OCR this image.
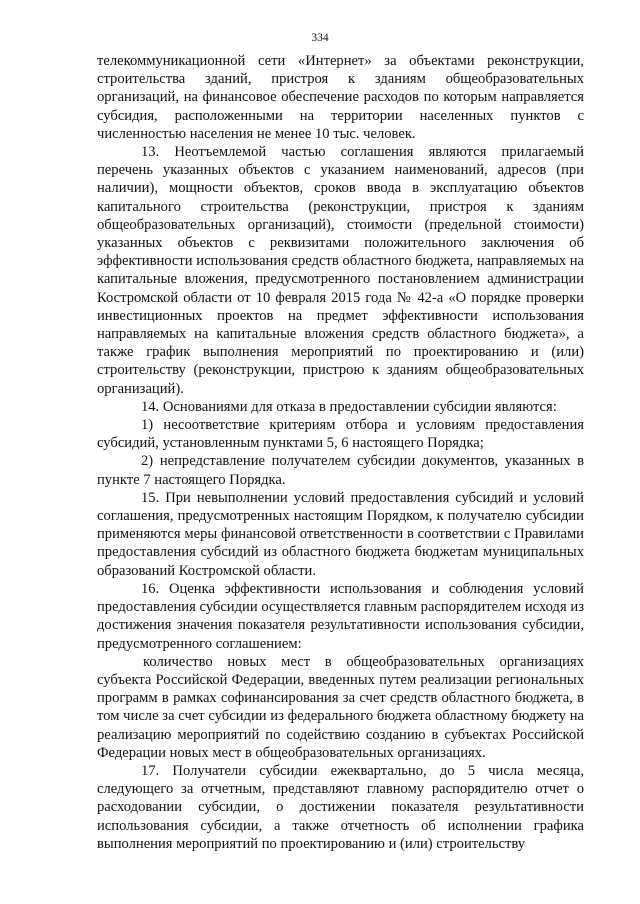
334

телекоммуникационной сети «Интернет» за объектами реконструкции, строительства зданий, пристроя к зданиям общеобразовательных организаций, на финансовое обеспечение расходов по которым направляется субсидия, расположенными на территории населенных пунктов с численностью населения не менее 10 тыс. человек.

13. Неотъемлемой частью соглашения являются прилагаемый перечень указанных объектов с указанием наименований, адресов (при наличии), мощности объектов, сроков ввода в эксплуатацию объектов капитального строительства (реконструкции, пристроя к зданиям общеобразовательных организаций), стоимости (предельной стоимости) указанных объектов с реквизитами положительного заключения об эффективности использования средств областного бюджета, направляемых на капитальные вложения, предусмотренного постановлением администрации Костромской области от 10 февраля 2015 года № 42-а «О порядке проверки инвестиционных проектов на предмет эффективности использования направляемых на капитальные вложения средств областного бюджета», а также график выполнения мероприятий по проектированию и (или) строительству (реконструкции, пристрою к зданиям общеобразовательных организаций).

14. Основаниями для отказа в предоставлении субсидии являются:

1) несоответствие критериям отбора и условиям предоставления субсидий, установленным пунктами 5, 6 настоящего Порядка;

2) непредставление получателем субсидии документов, указанных в пункте 7 настоящего Порядка.

15. При невыполнении условий предоставления субсидий и условий соглашения, предусмотренных настоящим Порядком, к получателю субсидии применяются меры финансовой ответственности в соответствии с Правилами предоставления субсидий из областного бюджета бюджетам муниципальных образований Костромской области.

16. Оценка эффективности использования и соблюдения условий предоставления субсидии осуществляется главным распорядителем исходя из достижения значения показателя результативности использования субсидии, предусмотренного соглашением:

количество новых мест в общеобразовательных организациях субъекта Российской Федерации, введенных путем реализации региональных программ в рамках софинансирования за счет средств областного бюджета, в том числе за счет субсидии из федерального бюджета областному бюджету на реализацию мероприятий по содействию созданию в субъектах Российской Федерации новых мест в общеобразовательных организациях.

17. Получатели субсидии ежеквартально, до 5 числа месяца, следующего за отчетным, представляют главному распорядителю отчет о расходовании субсидии, о достижении показателя результативности использования субсидии, а также отчетность об исполнении графика выполнения мероприятий по проектированию и (или) строительству
